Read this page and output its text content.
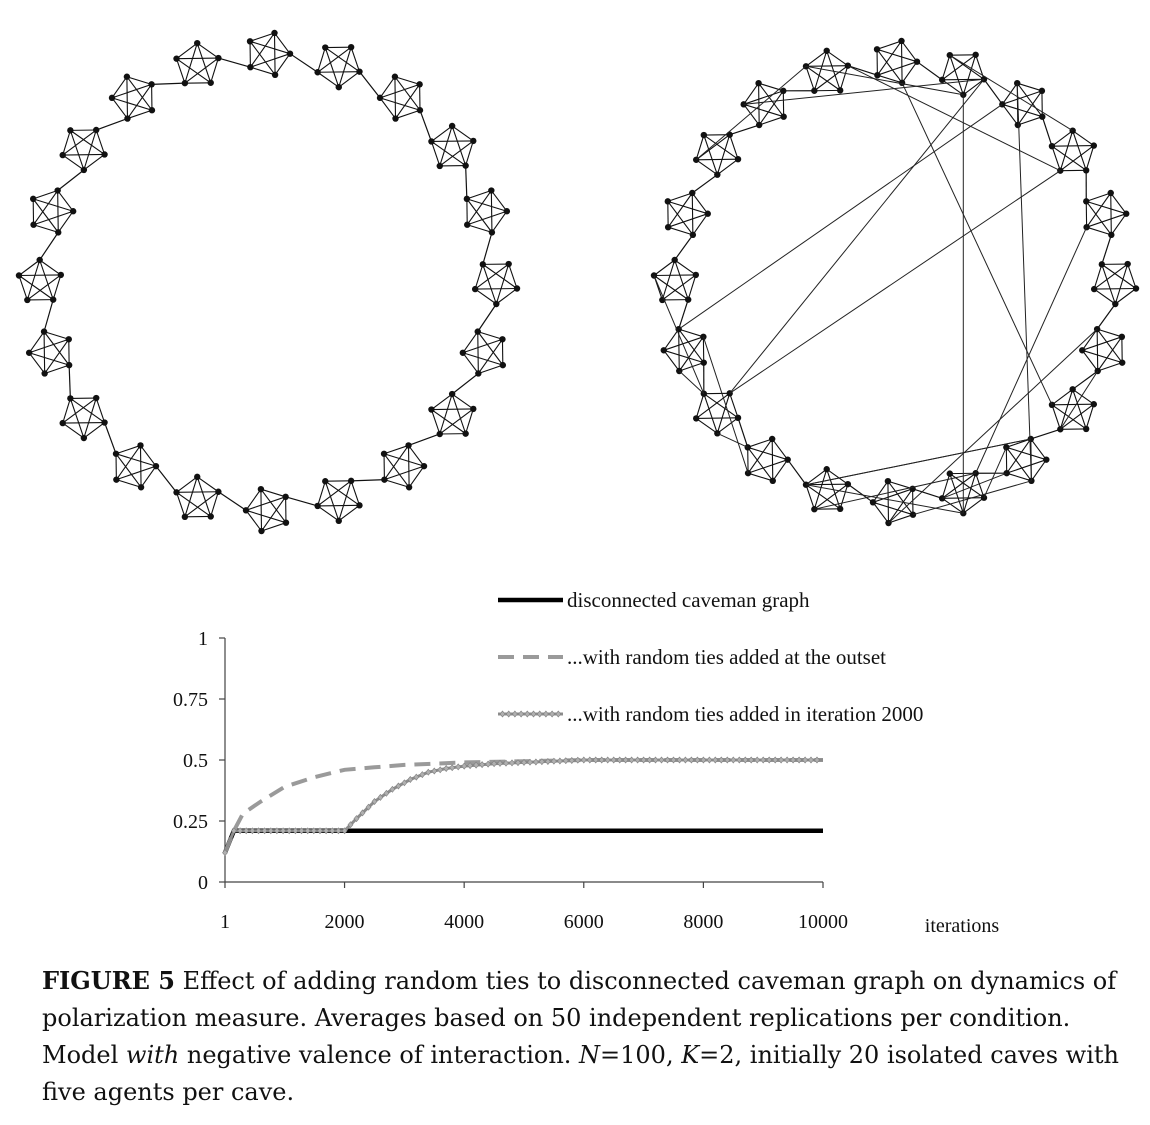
0
0.25
0.5
0.75
1
1	2000	4000	6000	8000	10000	iterations
disconnected caveman graph
...with random ties added at the outset
...with random ties added in iteration 2000
FIGURE 5 Effect of adding random ties to disconnected caveman graph on dynamics of polarization measure. Averages based on 50 independent replications per condition. Model with negative valence of interaction. N=100, K=2, initially 20 isolated caves with five agents per cave.
